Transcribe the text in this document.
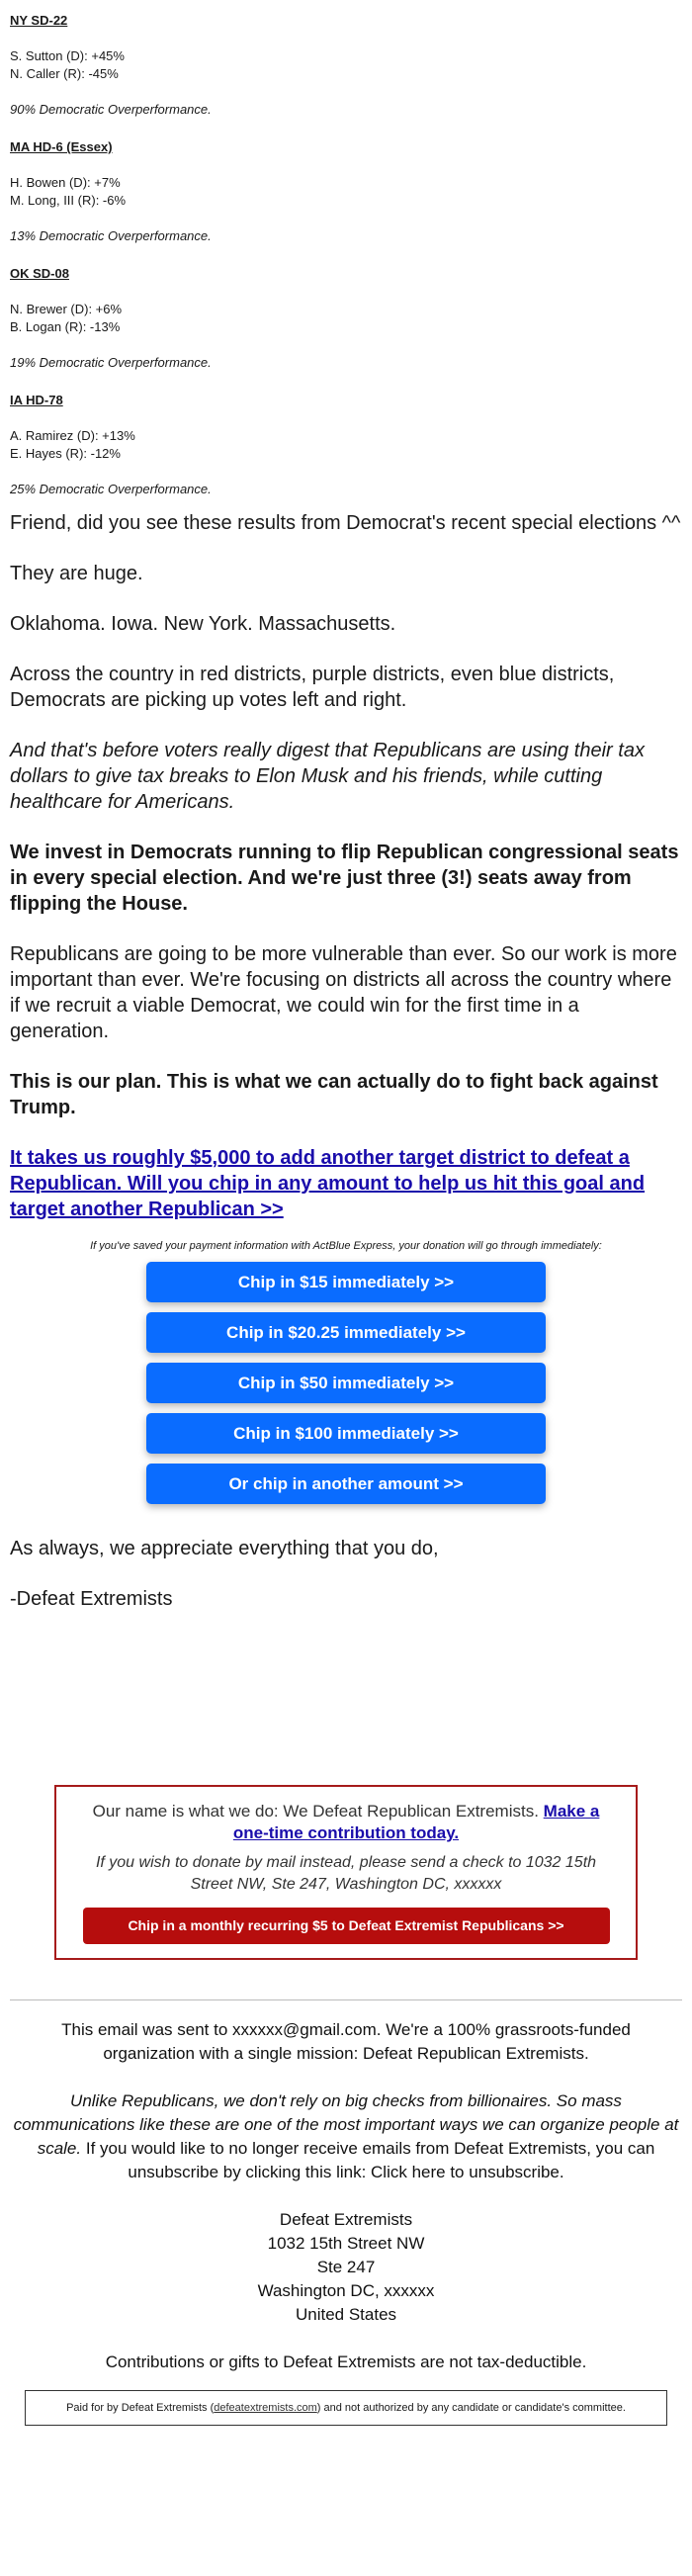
NY SD-22

S. Sutton (D): +45%

N. Caller (R): -45%

90% Democratic Overperformance.

MA HD-6 (Essex)

H. Bowen (D): +7%

M. Long, III (R): -6%

13% Democratic Overperformance.

OK SD-08

N. Brewer (D): +6%

B. Logan (R): -13%

19% Democratic Overperformance.

IA HD-78

A. Ramirez (D): +13%

E. Hayes (R): -12%

25% Democratic Overperformance.

Friend, did you see these results from Democrat's recent special elections ^^

They are huge.

Oklahoma. Iowa. New York. Massachusetts.

Across the country in red districts, purple districts, even blue districts, Democrats are picking up votes left and right.

And that's before voters really digest that Republicans are using their tax dollars to give tax breaks to Elon Musk and his friends, while cutting healthcare for Americans.

We invest in Democrats running to flip Republican congressional seats in every special election. And we're just three (3!) seats away from flipping the House.

Republicans are going to be more vulnerable than ever. So our work is more important than ever. We're focusing on districts all across the country where if we recruit a viable Democrat, we could win for the first time in a generation.

This is our plan. This is what we can actually do to fight back against Trump.

It takes us roughly $5,000 to add another target district to defeat a Republican. Will you chip in any amount to help us hit this goal and target another Republican >>

If you've saved your payment information with ActBlue Express, your donation will go through immediately:

Chip in $15 immediately >>
Chip in $20.25 immediately >>
Chip in $50 immediately >>
Chip in $100 immediately >>
Or chip in another amount >>

As always, we appreciate everything that you do,

-Defeat Extremists

Our name is what we do: We Defeat Republican Extremists. Make a one-time contribution today.

If you wish to donate by mail instead, please send a check to 1032 15th Street NW, Ste 247, Washington DC, xxxxxx

Chip in a monthly recurring $5 to Defeat Extremist Republicans >>

This email was sent to xxxxxx@gmail.com. We're a 100% grassroots-funded organization with a single mission: Defeat Republican Extremists.

Unlike Republicans, we don't rely on big checks from billionaires. So mass communications like these are one of the most important ways we can organize people at scale. If you would like to no longer receive emails from Defeat Extremists, you can unsubscribe by clicking this link: Click here to unsubscribe.

Defeat Extremists

1032 15th Street NW

Ste 247

Washington DC, xxxxxx

United States

Contributions or gifts to Defeat Extremists are not tax-deductible.

Paid for by Defeat Extremists (defeatextremists.com) and not authorized by any candidate or candidate's committee.
